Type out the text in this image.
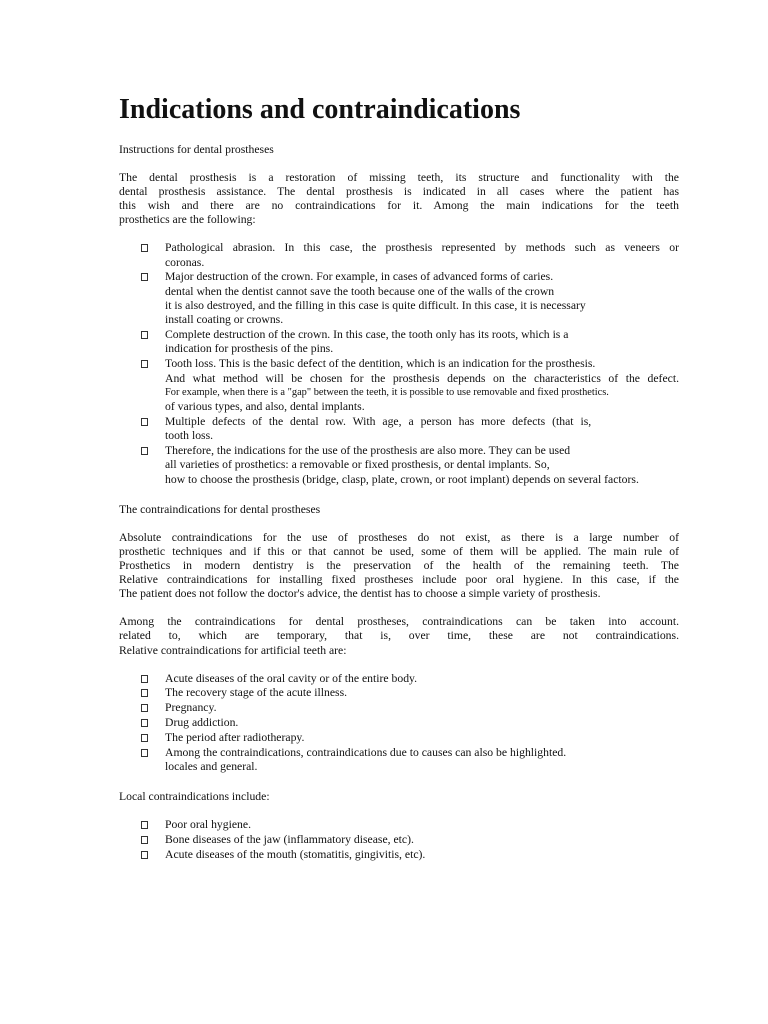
Indications and contraindications
Instructions for dental prostheses
The dental prosthesis is a restoration of missing teeth, its structure and functionality with the
dental prosthesis assistance. The dental prosthesis is indicated in all cases where the patient has
this wish and there are no contraindications for it. Among the main indications for the teeth
prosthetics are the following:
Pathological abrasion. In this case, the prosthesis represented by methods such as veneers or
coronas.
Major destruction of the crown. For example, in cases of advanced forms of caries.
dental when the dentist cannot save the tooth because one of the walls of the crown
it is also destroyed, and the filling in this case is quite difficult. In this case, it is necessary
install coating or crowns.
Complete destruction of the crown. In this case, the tooth only has its roots, which is a
indication for prosthesis of the pins.
Tooth loss. This is the basic defect of the dentition, which is an indication for the prosthesis.
And what method will be chosen for the prosthesis depends on the characteristics of the defect.
For example, when there is a "gap" between the teeth, it is possible to use removable and fixed prosthetics.
of various types, and also, dental implants.
Multiple defects of the dental row. With age, a person has more defects (that is,
tooth loss.
Therefore, the indications for the use of the prosthesis are also more. They can be used
all varieties of prosthetics: a removable or fixed prosthesis, or dental implants. So,
how to choose the prosthesis (bridge, clasp, plate, crown, or root implant) depends on several factors.
The contraindications for dental prostheses
Absolute contraindications for the use of prostheses do not exist, as there is a large number of
prosthetic techniques and if this or that cannot be used, some of them will be applied. The main rule of
Prosthetics in modern dentistry is the preservation of the health of the remaining teeth. The
Relative contraindications for installing fixed prostheses include poor oral hygiene. In this case, if the
The patient does not follow the doctor's advice, the dentist has to choose a simple variety of prosthesis.
Among the contraindications for dental prostheses, contraindications can be taken into account.
related to, which are temporary, that is, over time, these are not contraindications.
Relative contraindications for artificial teeth are:
Acute diseases of the oral cavity or of the entire body.
The recovery stage of the acute illness.
Pregnancy.
Drug addiction.
The period after radiotherapy.
Among the contraindications, contraindications due to causes can also be highlighted.
locales and general.
Local contraindications include:
Poor oral hygiene.
Bone diseases of the jaw (inflammatory disease, etc).
Acute diseases of the mouth (stomatitis, gingivitis, etc).
